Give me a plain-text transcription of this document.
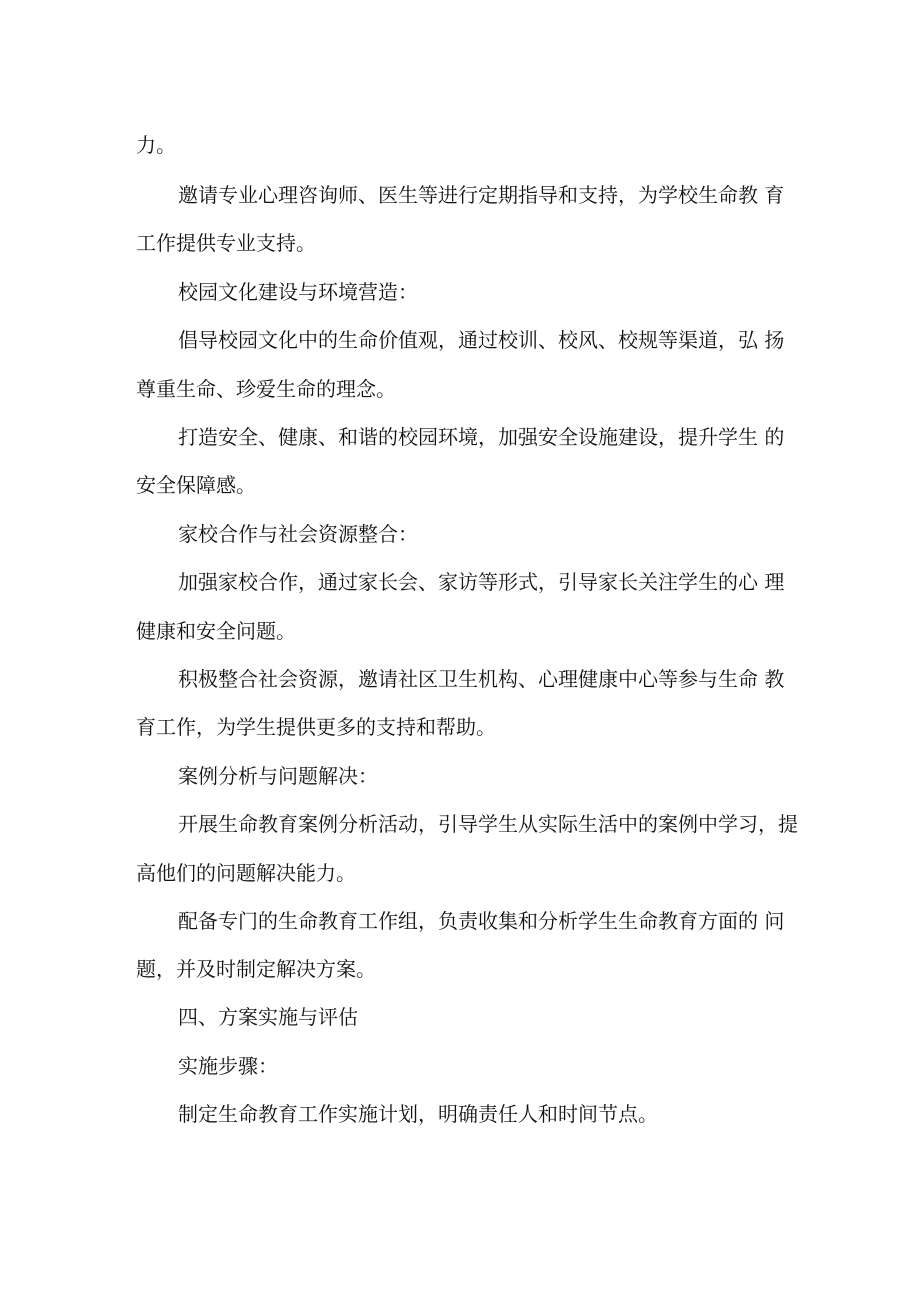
力。
邀请专业心理咨询师、医生等进行定期指导和支持，为学校生命教 育
工作提供专业支持。
校园文化建设与环境营造：
倡导校园文化中的生命价值观，通过校训、校风、校规等渠道，弘 扬
尊重生命、珍爱生命的理念。
打造安全、健康、和谐的校园环境，加强安全设施建设，提升学生 的
安全保障感。
家校合作与社会资源整合：
加强家校合作，通过家长会、家访等形式，引导家长关注学生的心 理
健康和安全问题。
积极整合社会资源，邀请社区卫生机构、心理健康中心等参与生命 教
育工作，为学生提供更多的支持和帮助。
案例分析与问题解决：
开展生命教育案例分析活动，引导学生从实际生活中的案例中学习，提
高他们的问题解决能力。
配备专门的生命教育工作组，负责收集和分析学生生命教育方面的 问
题，并及时制定解决方案。
四、方案实施与评估
实施步骤：
制定生命教育工作实施计划，明确责任人和时间节点。
